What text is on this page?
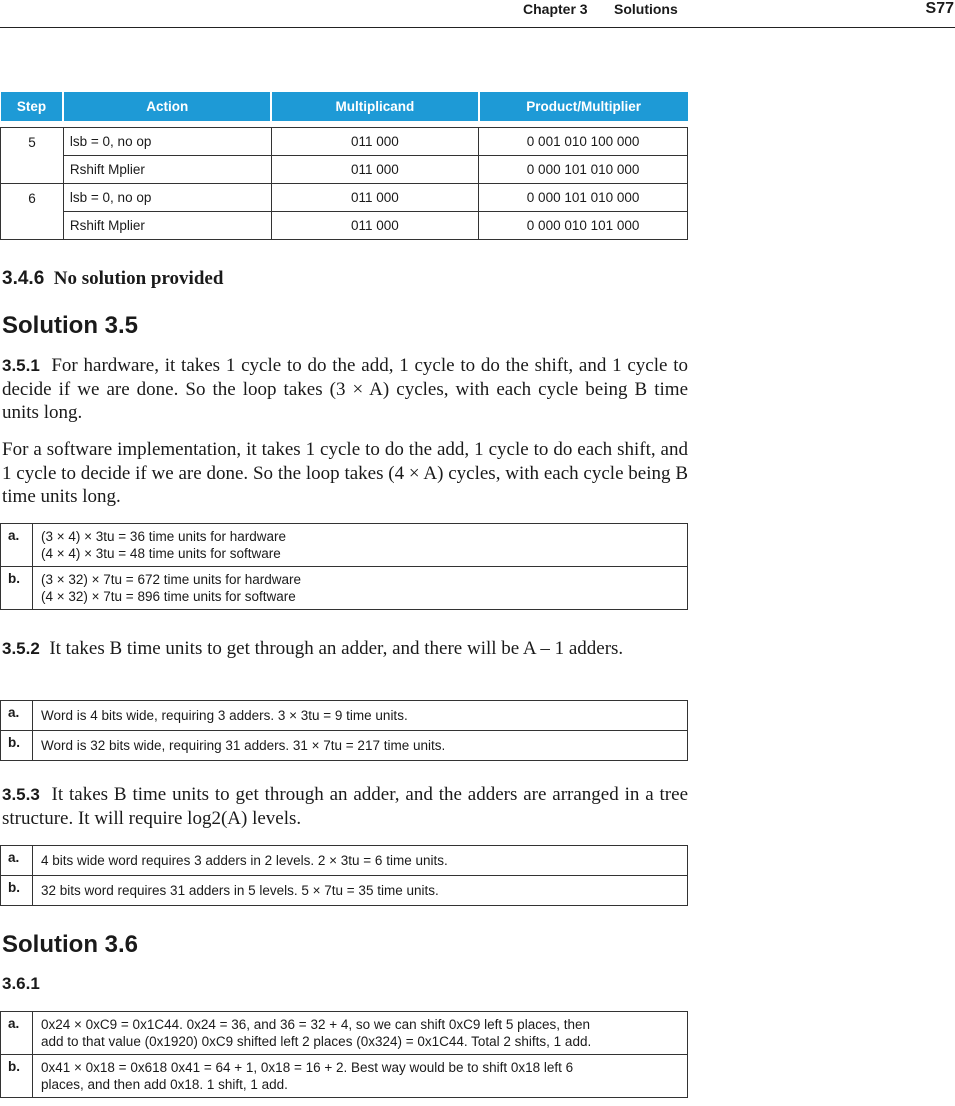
Chapter 3 Solutions	S77
Step	Action	Multiplicand	Product/Multiplier

5	lsb = 0, no op	011 000	0 001 010 100 000
	Rshift Mplier	011 000	0 000 101 010 000
6	lsb = 0, no op	011 000	0 000 101 010 000
	Rshift Mplier	011 000	0 000 010 101 000
3.4.6 No solution provided
Solution 3.5
3.5.1 For hardware, it takes 1 cycle to do the add, 1 cycle to do the shift, and 1 cycle to decide if we are done. So the loop takes (3 × A) cycles, with each cycle being B time units long.
For a software implementation, it takes 1 cycle to do the add, 1 cycle to do each shift, and 1 cycle to decide if we are done. So the loop takes (4 × A) cycles, with each cycle being B time units long.
a.	(3 × 4) × 3tu = 36 time units for hardware
(4 × 4) × 3tu = 48 time units for software

b.	(3 × 32) × 7tu = 672 time units for hardware
(4 × 32) × 7tu = 896 time units for software
3.5.2 It takes B time units to get through an adder, and there will be A – 1 adders.
a.	Word is 4 bits wide, requiring 3 adders. 3 × 3tu = 9 time units.
b.	Word is 32 bits wide, requiring 31 adders. 31 × 7tu = 217 time units.
3.5.3 It takes B time units to get through an adder, and the adders are arranged in a tree structure. It will require log2(A) levels.
a.	4 bits wide word requires 3 adders in 2 levels. 2 × 3tu = 6 time units.
b.	32 bits word requires 31 adders in 5 levels. 5 × 7tu = 35 time units.
Solution 3.6
3.6.1
a.	0x24 × 0xC9 = 0x1C44. 0x24 = 36, and 36 = 32 + 4, so we can shift 0xC9 left 5 places, then
add to that value (0x1920) 0xC9 shifted left 2 places (0x324) = 0x1C44. Total 2 shifts, 1 add.

b.	0x41 × 0x18 = 0x618 0x41 = 64 + 1, 0x18 = 16 + 2. Best way would be to shift 0x18 left 6
places, and then add 0x18. 1 shift, 1 add.
